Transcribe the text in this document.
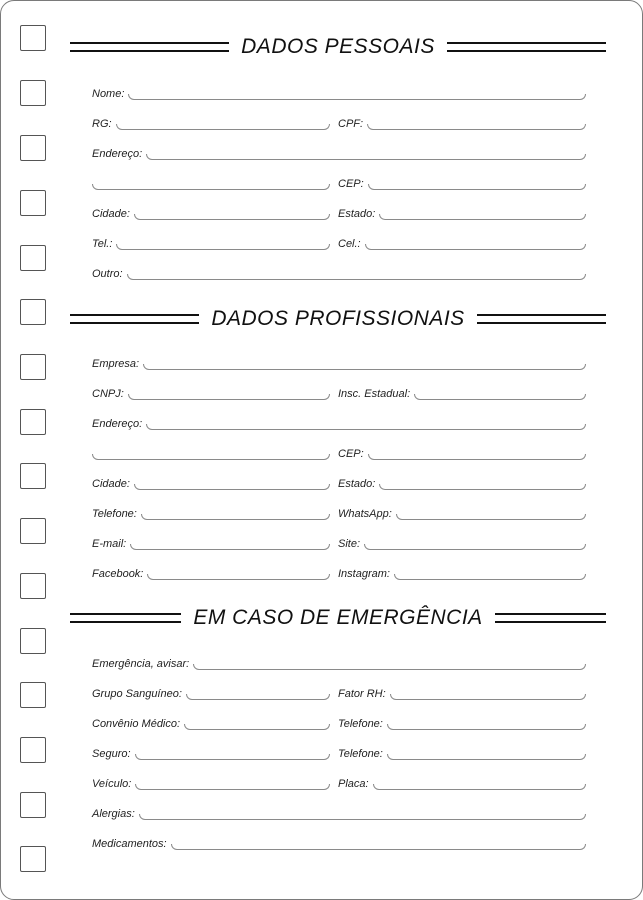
DADOS PESSOAIS
Nome:
RG:	CPF:
Endereço:
CEP:
Cidade:	Estado:
Tel.:	Cel.:
Outro:
DADOS PROFISSIONAIS
Empresa:
CNPJ:	Insc. Estadual:
Endereço:
CEP:
Cidade:	Estado:
Telefone:	WhatsApp:
E-mail:	Site:
Facebook:	Instagram:
EM CASO DE EMERGÊNCIA
Emergência, avisar:
Grupo Sanguíneo:	Fator RH:
Convênio Médico:	Telefone:
Seguro:	Telefone:
Veículo:	Placa:
Alergias:
Medicamentos:
